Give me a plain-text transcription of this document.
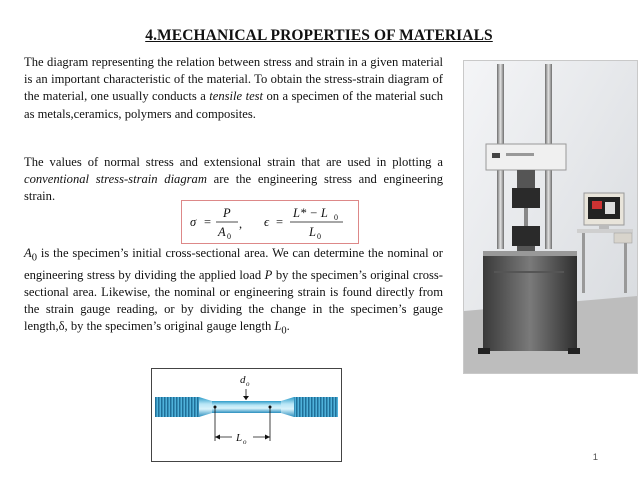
4.MECHANICAL PROPERTIES OF MATERIALS

The diagram representing the relation between stress and strain in a given material is an important characteristic of the material. To obtain the stress-strain diagram of the material, one usually conducts a tensile test on a specimen of the material such as metals,ceramics, polymers and composites.

The values of normal stress and extensional strain that are used in plotting a conventional stress-strain diagram are the engineering stress and engineering strain.

σ =
P
A 0
, ϵ =
L* − L 0
L 0

$A_0$ is the specimen’s initial cross-sectional area. We can determine the nominal or engineering stress by dividing the applied load P by the specimen’s original cross-sectional area. Likewise, the nominal or engineering strain is found directly from the strain gauge reading, or by dividing the change in the specimen’s gauge length,δ, by the specimen’s original gauge length $L_0$.

d o
L o
1
